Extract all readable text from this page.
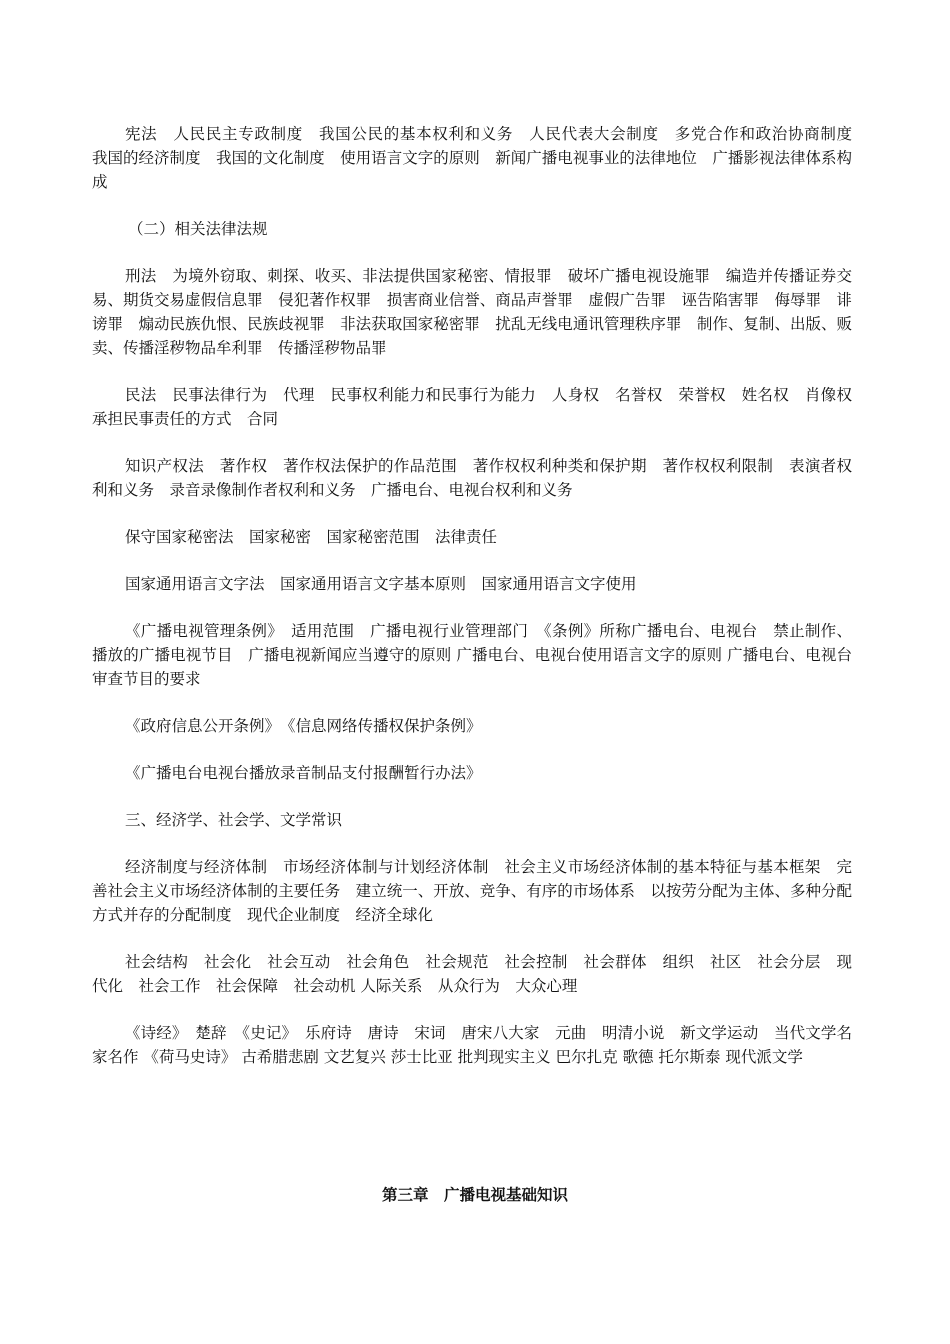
宪法　人民民主专政制度　我国公民的基本权利和义务　人民代表大会制度　多党合作和政治协商制度　我国的经济制度　我国的文化制度　使用语言文字的原则　新闻广播电视事业的法律地位　广播影视法律体系构成

（二）相关法律法规

刑法　为境外窃取、刺探、收买、非法提供国家秘密、情报罪　破坏广播电视设施罪　编造并传播证券交易、期货交易虚假信息罪　侵犯著作权罪　损害商业信誉、商品声誉罪　虚假广告罪　诬告陷害罪　侮辱罪　诽谤罪　煽动民族仇恨、民族歧视罪　非法获取国家秘密罪　扰乱无线电通讯管理秩序罪　制作、复制、出版、贩卖、传播淫秽物品牟利罪　传播淫秽物品罪

民法　民事法律行为　代理　民事权利能力和民事行为能力　人身权　名誉权　荣誉权　姓名权　肖像权　承担民事责任的方式　合同

知识产权法　著作权　著作权法保护的作品范围　著作权权利种类和保护期　著作权权利限制　表演者权利和义务　录音录像制作者权利和义务　广播电台、电视台权利和义务

保守国家秘密法　国家秘密　国家秘密范围　法律责任

国家通用语言文字法　国家通用语言文字基本原则　国家通用语言文字使用

《广播电视管理条例》　适用范围　广播电视行业管理部门　《条例》所称广播电台、电视台　禁止制作、播放的广播电视节目　广播电视新闻应当遵守的原则 广播电台、电视台使用语言文字的原则 广播电台、电视台审查节目的要求

《政府信息公开条例》　《信息网络传播权保护条例》

《广播电台电视台播放录音制品支付报酬暂行办法》

三、经济学、社会学、文学常识

经济制度与经济体制　市场经济体制与计划经济体制　社会主义市场经济体制的基本特征与基本框架　完善社会主义市场经济体制的主要任务　建立统一、开放、竞争、有序的市场体系　以按劳分配为主体、多种分配方式并存的分配制度　现代企业制度　经济全球化

社会结构　社会化　社会互动　社会角色　社会规范　社会控制　社会群体　组织　社区　社会分层　现代化　社会工作　社会保障　社会动机 人际关系　从众行为　大众心理

《诗经》　楚辞　《史记》　乐府诗　唐诗　宋词　唐宋八大家　元曲　明清小说　新文学运动　当代文学名家名作 《荷马史诗》 古希腊悲剧 文艺复兴 莎士比亚 批判现实主义 巴尔扎克 歌德 托尔斯泰 现代派文学

第三章　广播电视基础知识
